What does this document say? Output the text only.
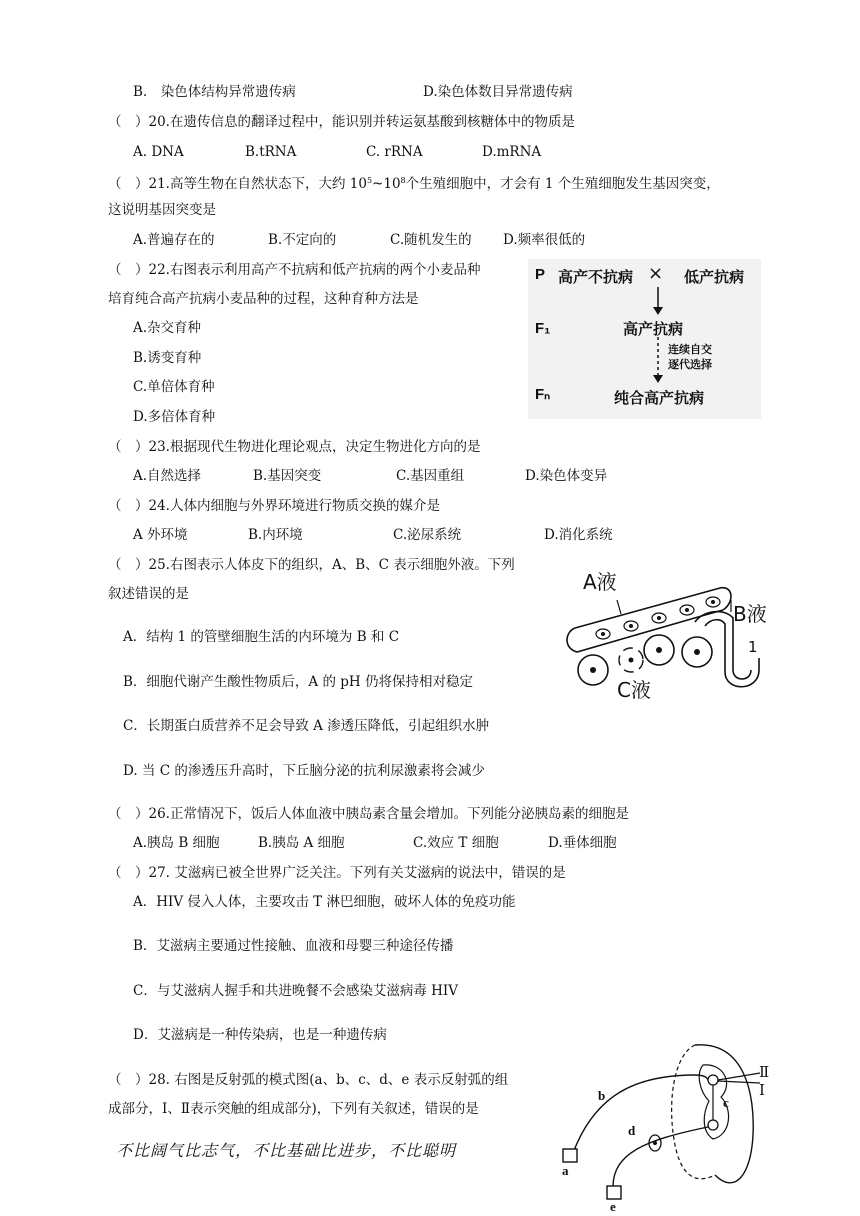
B.　染色体结构异常遗传病	D.染色体数目异常遗传病
（　）20.在遗传信息的翻译过程中，能识别并转运氨基酸到核糖体中的物质是
A. DNA	B.tRNA	C. rRNA	D.mRNA
（　）21.高等生物在自然状态下，大约 $10^5\sim 10^8$个生殖细胞中，才会有 1 个生殖细胞发生基因突变，
这说明基因突变是
A.普遍存在的	B.不定向的	C.随机发生的 D.频率很低的
（　）22.右图表示利用高产不抗病和低产抗病的两个小麦品种
培育纯合高产抗病小麦品种的过程，这种育种方法是
A.杂交育种
B.诱变育种
C.单倍体育种
D.多倍体育种
P 高产不抗病 × 低产抗病
F₁	高产抗病
连续自交
逐代选择
Fₙ	纯合高产抗病
（　）23.根据现代生物进化理论观点，决定生物进化方向的是
A.自然选择	B.基因突变	C.基因重组	D.染色体变异
（　）24.人体内细胞与外界环境进行物质交换的媒介是
A 外环境	B.内环境	C.泌尿系统	D.消化系统
（　）25.右图表示人体皮下的组织，A、B、C 表示细胞外液。下列
叙述错误的是
A．结构 1 的管壁细胞生活的内环境为 B 和 C
B．细胞代谢产生酸性物质后，A 的 pH 仍将保持相对稳定
C．长期蛋白质营养不足会导致 A 渗透压降低，引起组织水肿
D. 当 C 的渗透压升高时，下丘脑分泌的抗利尿激素将会减少
A液
B液
C液
1
（　）26.正常情况下，饭后人体血液中胰岛素含量会增加。下列能分泌胰岛素的细胞是
A.胰岛 B 细胞	B.胰岛 A 细胞	C.效应 T 细胞	D.垂体细胞
（　）27. 艾滋病已被全世界广泛关注。下列有关艾滋病的说法中，错误的是
A．HIV 侵入人体，主要攻击 T 淋巴细胞，破坏人体的免疫功能
B．艾滋病主要通过性接触、血液和母婴三种途径传播
C．与艾滋病人握手和共进晚餐不会感染艾滋病毒 HIV
D．艾滋病是一种传染病，也是一种遗传病
（　）28. 右图是反射弧的模式图(a、b、c、d、e 表示反射弧的组
成部分，Ⅰ、Ⅱ表示突触的组成部分)，下列有关叙述，错误的是
b	c
d
a
e
Ⅱ
Ⅰ
不比阔气比志气，不比基础比进步，不比聪明
